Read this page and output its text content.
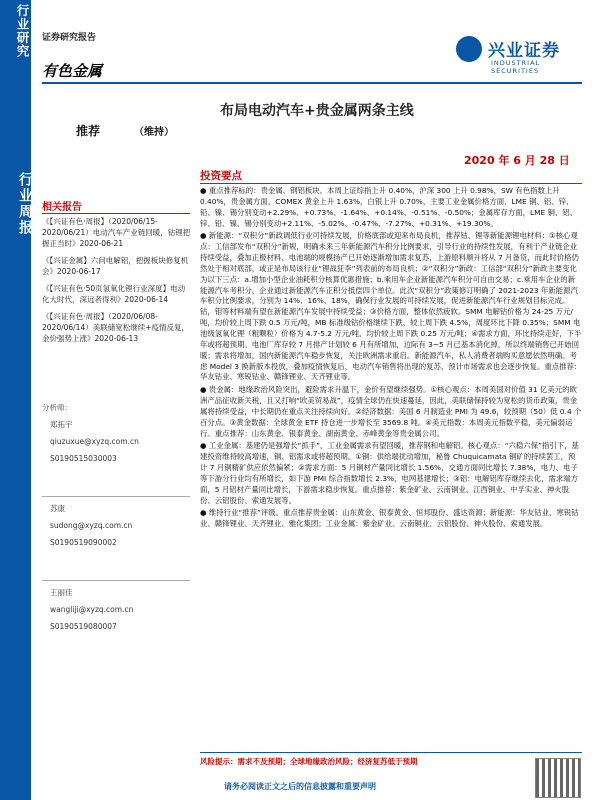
行业研究
行业周报
证券研究报告
有色金属
兴业证券
INDUSTRIAL SECURITIES
布局电动汽车+贵金属两条主线
推荐	（维持）
2020 年 6 月 28 日
投资要点
相关报告
《【兴证有色·周报】（2020/06/15-2020/06/21）电动汽车产业链回暖，钴锂把握正当时》2020-06-21
《【兴证金属】六问电解铝，把握板块修复机会》2020-06-17
《【兴证有色·50页氢氧化锂行业深度】电动化大时代，深远者得利》2020-06-14
《【兴证有色·周报】（2020/06/08-2020/06/14）美联储宽松继续+疫情反复，金价强势上涨》2020-06-13
分析师：
郑拓宇
qiuzuxue@xyzq.com.cn
S0190515030003
苏康
sudong@xyzq.com.cn
S0190519090002
王丽佳
wangliji@xyzq.com.cn
S0190519080007

● 重点推荐标的：贵金属、钢铝板块。本周上证综指上升 0.40%，沪深 300 上升 0.98%，SW 有色指数上升 0.40%，贵金属方面，COMEX 黄金上升 1.63%，白银上升 0.70%，主要工业金属价格方面，LME 铜、铝、锌、铅、镍、锡分别变动+2.29%、+0.73%、-1.64%、+0.14%、-0.51%、-0.50%；金属库存方面，LME 铜、铝、锌、铅、镍、锡分别变动+2.11%、-5.02%、-0.47%、-7.27%、+0.31%、+19.30%。

● 新能源：“双积分”新政调低行业可持续发展，价格底部或迎来布局良机，推荐钴、锂等新能源锂电材料：①核心观点：工信部发布“双积分”新规，明确未来三年新能源汽车积分比例要求，引导行业的持续性发展，有利于产业链企业持续受益，叠加正极材料、电池端的规模扬产已开始逐渐增加需求复苏，上游原料顺升将从 7 月备货，而此时价格仍然处于相对底部，或正是布局该行业“锂战狂李”列表前的布局良机；②“双积分”新政：工信部“双积分”新政主要变化为以下三点：a.增加小型企业油耗积分核算优惠措施；b.乘用车企业新能源汽车积分可自由交易；c.乘用车企业的新能源汽车考积分，企业通过新能源汽车正积分抵偿四个单位。此次“双积分”政策修订明确了 2021-2023 年新能源汽车积分比例要求，分别为 14%、16%、18%，确保行业发展的可持续发展，促进新能源汽车行业规划目标完成。钴，钼等材料端有望在新能源汽车发展中持续受益；③价格方面，整体依然疲软。SMM 电解钴价格为 24-25 万元/吨，均价较上周下跌 0.5 万元/吨，MB 标准级钴价格继续下跌，较上周下跌 4.5%，周度环比下降 0.35%；SMM 电池级氢氧化锂（粗颗粒）价格为 4.7-5.2 万元/吨，均价较上周下跌 0.25 万元/吨；④需求方面，环比持续走好，下半年或将超预期。电池厂库存较 7 月排产计划较 6 月有所增加，边际有 3~5 月已基本消化掉，所以终端销售已开始回暖；需求将增加，国内新能源汽车稳步恢复，关注欧洲需求重启。新能源汽车，私人消费者端购买意愿依然明确。考虑 Model 3 换新版本投放，叠加疫情恢复后，电动汽车销售将出现的复苏，预计市场需求也会逐步恢复。重点推荐：华友钴业、寒锐钴业、赣锋锂业、天齐锂业等。

● 贵金属：地缘政治风险突出，避险需求升温下，金价有望继续强势。①核心观点：本周美国对价值 31 亿美元的欧洲产品征收新关税，且又打响“欧美贸易战”，疫情全球仍在快速蔓延，因此，美联储保持较为宽松的货币政策，贵金属将持续受益，中长期仍在重点关注持续向好。②经济数据：美国 6 月制造业 PMI 为 49.6，较预期（50）低 0.4 个百分点。③黄金数据：全球黄金 ETF 持仓进一步增长至 3569.8 吨。④美元指数：本周美元指数平稳，美元偏弱运行。重点推荐：山东黄金、银泰黄金、湖南黄金、赤峰黄金等贵金属公司。

● 工业金属：基建仍是强增长“抓手”，工业金属需求有望回暖，推荐钢和电解铝。核心观点：“六稳六保”指引下，基建投资维持较高增速，铜、铝需求或将超预期。①铜：供给端扰动增加，秘鲁 Chuquicamata 铜矿的持续罢工，预计 7 月铜精矿供应依然偏紧；②需求方面：5 月铜材产量同比增长 1.56%，交通方面同比增长 7.38%，电力、电子等下游分行业均有所增长，如下游 PMI 综合指数增长 2.3%，电网基建增长；③铝：电解铝库存继续去化，需求端方面，5 月铝材产量同比增长，下游需求稳步恢复。重点推荐：紫金矿业、云南铜业、江西铜业、中孚实业、神火股份、云铝股份、索通发展等。

● 维持行业“推荐”评级。重点推荐贵金属：山东黄金、银泰黄金、恒邦股份、盛达资源；新能源：华友钴业、寒锐钴业、赣锋锂业、天齐锂业、雅化集团；工业金属：紫金矿业、云南铜业、云铝股份、神火股份、索通发展。

风险提示：需求不及预期；全球地缘政治风险；经济复苏低于预期
请务必阅读正文之后的信息披露和重要声明
